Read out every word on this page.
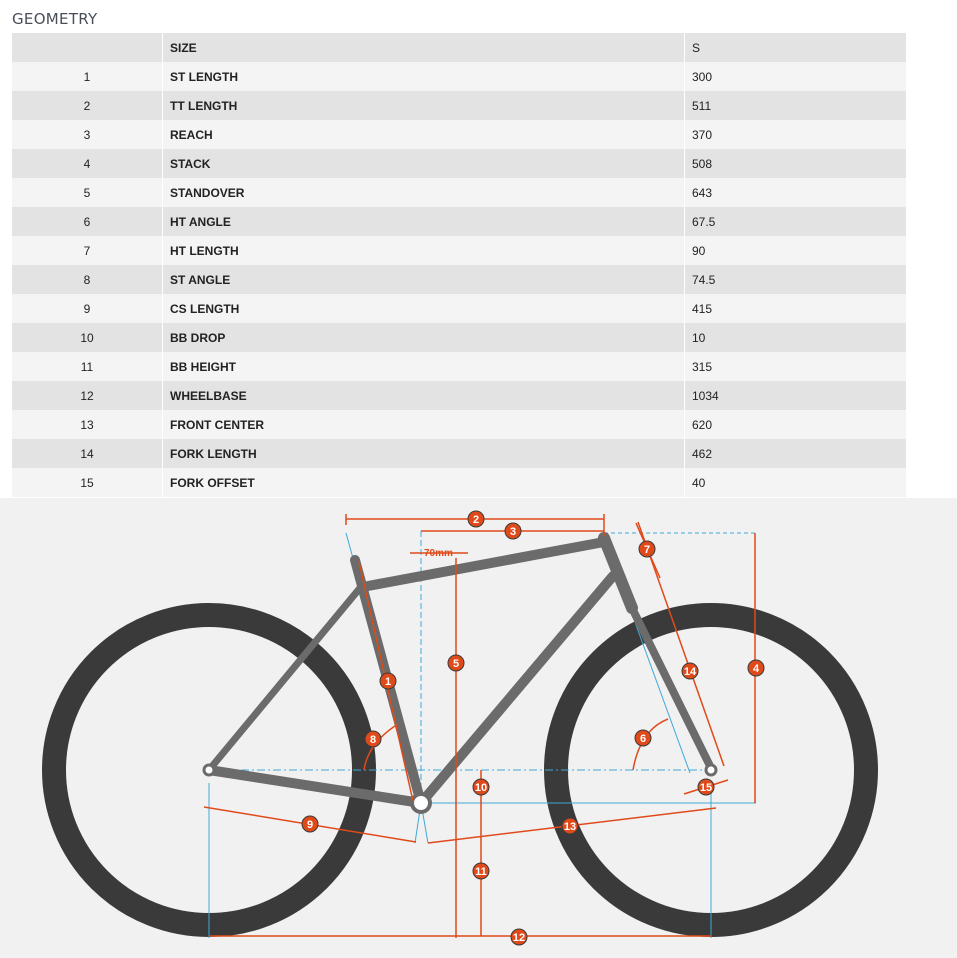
GEOMETRY
	SIZE	S
1	ST LENGTH	300
2	TT LENGTH	511
3	REACH	370
4	STACK	508
5	STANDOVER	643
6	HT ANGLE	67.5
7	HT LENGTH	90
8	ST ANGLE	74.5
9	CS LENGTH	415
10	BB DROP	10
11	BB HEIGHT	315
12	WHEELBASE	1034
13	FRONT CENTER	620
14	FORK LENGTH	462
15	FORK OFFSET	40
1
2
3
4
5
6
7
8
9
10
11
12
13
14
15
70mm
